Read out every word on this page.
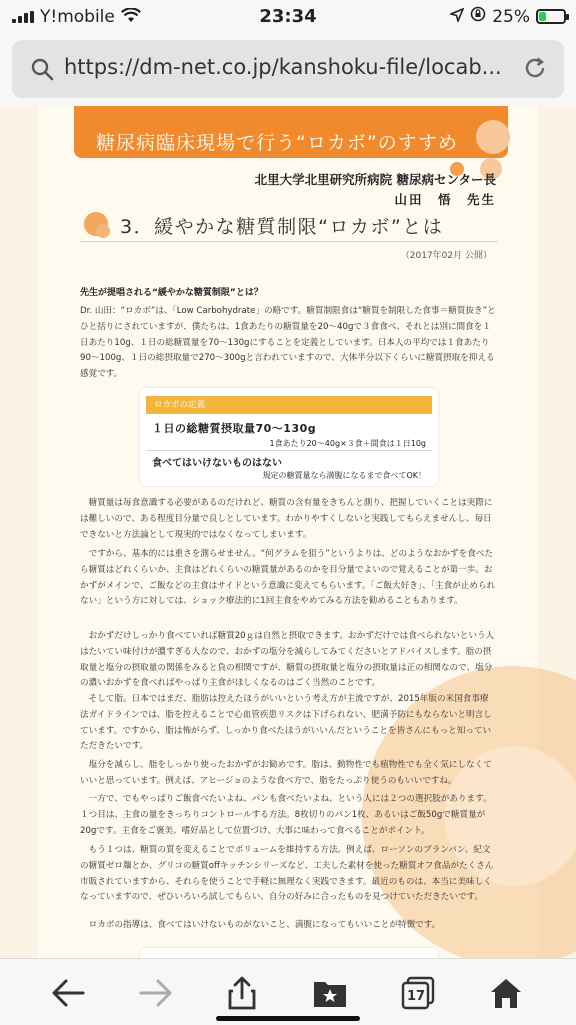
Y!mobile	23:34	25%
https://dm-net.co.jp/kanshoku-file/locab...
糖尿病臨床現場で行う“ロカボ”のすすめ
北里大学北里研究所病院 糖尿病センター長
山田　悟　先生
3．緩やかな糖質制限“ロカボ”とは
（2017年02月 公開）
先生が提唱される“緩やかな糖質制限”とは？
Dr. 山田：“ロカボ”は、「Low Carbohydrate」の略です。糖質制限食は“糖質を制限した食事＝糖質抜き”とひと括りにされていますが、僕たちは、1食あたりの糖質量を20～40gで３食食べ、それとは別に間食を１日あたり10g、１日の総糖質量を70～130gにすることを定義としています。日本人の平均では１食あたり90～100g、１日の総摂取量で270～300gと言われていますので、大体半分以下くらいに糖質摂取を抑える感覚です。
ロカボの定義
１日の総糖質摂取量70～130g
1食あたり20～40g×３食＋間食は１日10g
食べてはいけないものはない
規定の糖質量なら満腹になるまで食べてOK！
糖質量は毎食意識する必要があるのだけれど、糖質の含有量をきちんと測り、把握していくことは実際には難しいので、ある程度目分量で良しとしています。わかりやすくしないと実践してもらえませんし、毎日できないと方法論として現実的ではなくなってしまいます。
ですから、基本的には重さを測らせません。“何グラムを狙う”というよりは、どのようなおかずを食べたら糖質はどれくらいか、主食はどれくらいの糖質量があるのかを目分量でよいので覚えることが第一歩。おかずがメインで、ご飯などの主食はサイドという意識に変えてもらいます。「ご飯大好き」、「主食が止められない」という方に対しては、ショック療法的に1回主食をやめてみる方法を勧めることもあります。
おかずだけしっかり食べていれば糖質20ｇは自然と摂取できます。おかずだけでは食べられないという人はたいてい味付けが濃すぎる人なので、おかずの塩分を減らしてみてくださいとアドバイスします。脂の摂取量と塩分の摂取量の関係をみると負の相関ですが、糖質の摂取量と塩分の摂取量は正の相関なので、塩分の濃いおかずを食べればやっぱり主食がほしくなるのはごく当然のことです。
そして脂。日本ではまだ、脂肪は控えたほうがいいという考え方が主流ですが、2015年版の米国食事療法ガイドラインでは、脂を控えることで心血管疾患リスクは下げられない、肥満予防にもならないと明言しています。ですから、脂は怖がらず、しっかり食べたほうがいいんだということを皆さんにもっと知っていただきたいです。
塩分を減らし、脂をしっかり使ったおかずがお勧めです。脂は、動物性でも植物性でも全く気にしなくていいと思っています。例えば、アヒージョのような食べ方で、脂をたっぷり使うのもいいですね。
一方で、でもやっぱりご飯食べたいよね、パンも食べたいよね、という人には２つの選択肢があります。１つ目は、主食の量をきっちりコントロールする方法。8枚切りのパン1枚、あるいはご飯50gで糖質量が20gです。主食をご褒美、嗜好品として位置づけ、大事に味わって食べることがポイント。
もう１つは、糖質の質を変えることでボリュームを維持する方法。例えば、ローソンのブランパン、紀文の糖質ゼロ麺とか、グリコの糖質offキッチンシリーズなど、工夫した素材を使った糖質オフ食品がたくさん市販されていますから、それらを使うことで手軽に無理なく実践できます。最近のものは、本当に美味しくなっていますので、ぜひいろいろ試してもらい、自分の好みに合ったものを見つけていただきたいです。
ロカボの指導は、食べてはいけないものがないこと、満腹になってもいいことが特徴です。
17
